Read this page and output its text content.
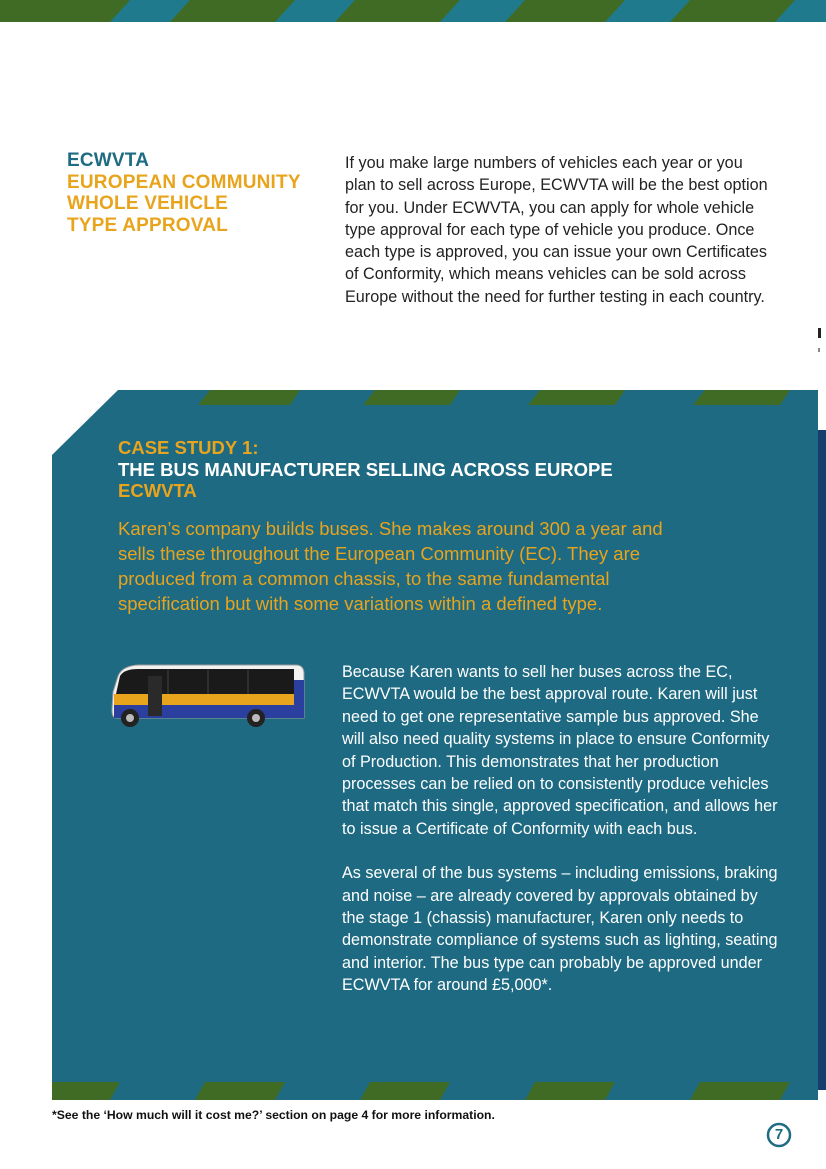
ECWVTA
EUROPEAN COMMUNITY
WHOLE VEHICLE
TYPE APPROVAL
If you make large numbers of vehicles each year or you plan to sell across Europe, ECWVTA will be the best option for you. Under ECWVTA, you can apply for whole vehicle type approval for each type of vehicle you produce. Once each type is approved, you can issue your own Certificates of Conformity, which means vehicles can be sold across Europe without the need for further testing in each country.
CASE STUDY 1:
THE BUS MANUFACTURER SELLING ACROSS EUROPE
ECWVTA
Karen’s company builds buses. She makes around 300 a year and sells these throughout the European Community (EC). They are produced from a common chassis, to the same fundamental specification but with some variations within a defined type.

Because Karen wants to sell her buses across the EC, ECWVTA would be the best approval route. Karen will just need to get one representative sample bus approved. She will also need quality systems in place to ensure Conformity of Production. This demonstrates that her production processes can be relied on to consistently produce vehicles that match this single, approved specification, and allows her to issue a Certificate of Conformity with each bus.

As several of the bus systems – including emissions, braking and noise – are already covered by approvals obtained by the stage 1 (chassis) manufacturer, Karen only needs to demonstrate compliance of systems such as lighting, seating and interior. The bus type can probably be approved under ECWVTA for around £5,000*.

*See the ‘How much will it cost me?’ section on page 4 for more information.
7
